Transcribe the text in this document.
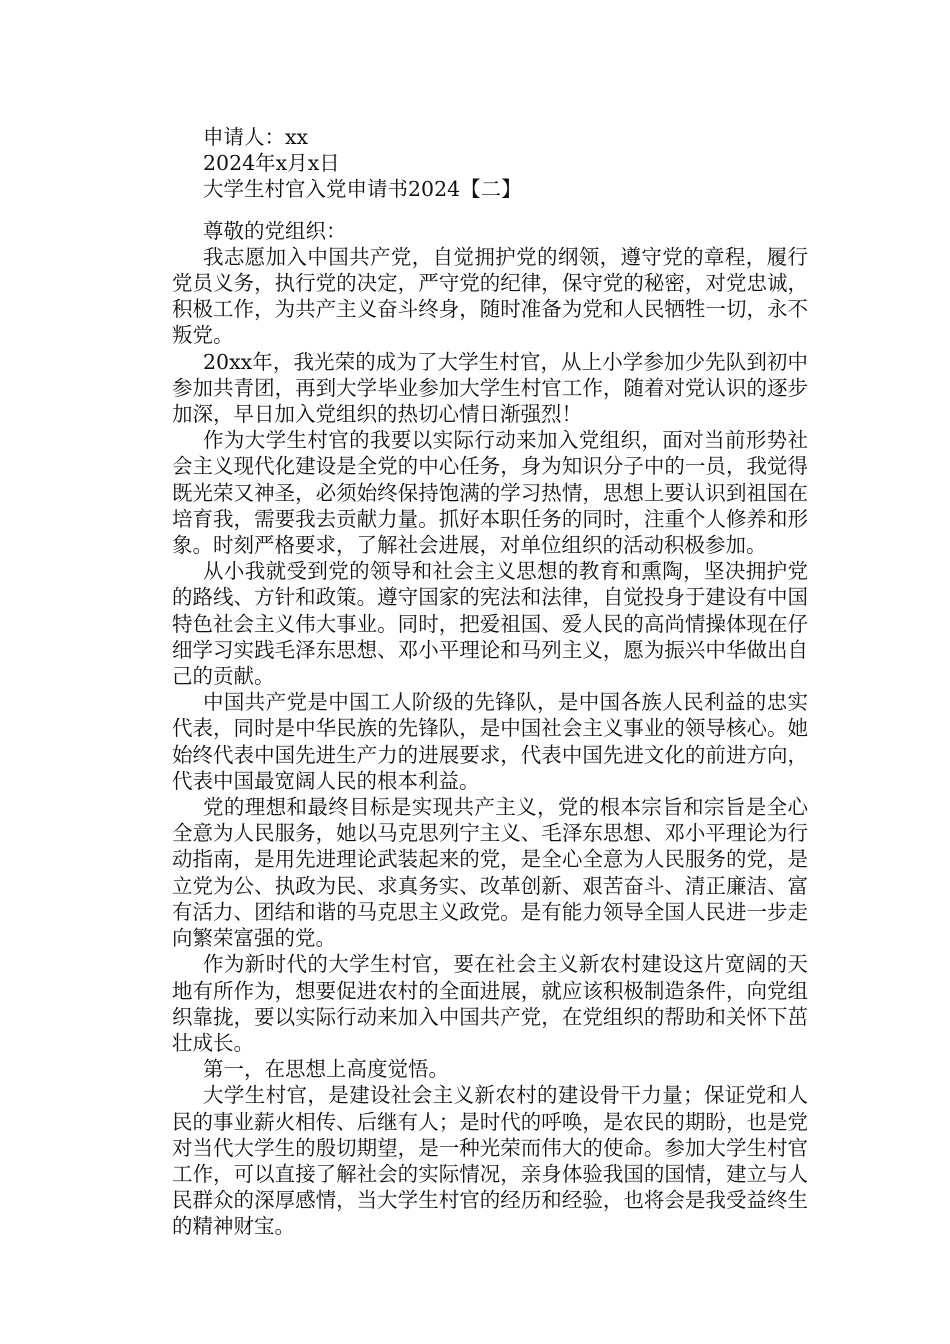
申请人：xx

2024年x月x日

大学生村官入党申请书2024【二】

尊敬的党组织：

我志愿加入中国共产党，自觉拥护党的纲领，遵守党的章程，履行党员义务，执行党的决定，严守党的纪律，保守党的秘密，对党忠诚，积极工作，为共产主义奋斗终身，随时准备为党和人民牺牲一切，永不叛党。

20xx年，我光荣的成为了大学生村官，从上小学参加少先队到初中参加共青团，再到大学毕业参加大学生村官工作，随着对党认识的逐步加深，早日加入党组织的热切心情日渐强烈！

作为大学生村官的我要以实际行动来加入党组织，面对当前形势社会主义现代化建设是全党的中心任务，身为知识分子中的一员，我觉得既光荣又神圣，必须始终保持饱满的学习热情，思想上要认识到祖国在培育我，需要我去贡献力量。抓好本职任务的同时，注重个人修养和形象。时刻严格要求，了解社会进展，对单位组织的活动积极参加。

从小我就受到党的领导和社会主义思想的教育和熏陶，坚决拥护党的路线、方针和政策。遵守国家的宪法和法律，自觉投身于建设有中国特色社会主义伟大事业。同时，把爱祖国、爱人民的高尚情操体现在仔细学习实践毛泽东思想、邓小平理论和马列主义，愿为振兴中华做出自己的贡献。

中国共产党是中国工人阶级的先锋队，是中国各族人民利益的忠实代表，同时是中华民族的先锋队，是中国社会主义事业的领导核心。她始终代表中国先进生产力的进展要求，代表中国先进文化的前进方向，代表中国最宽阔人民的根本利益。

党的理想和最终目标是实现共产主义，党的根本宗旨和宗旨是全心全意为人民服务，她以马克思列宁主义、毛泽东思想、邓小平理论为行动指南，是用先进理论武装起来的党，是全心全意为人民服务的党，是立党为公、执政为民、求真务实、改革创新、艰苦奋斗、清正廉洁、富有活力、团结和谐的马克思主义政党。是有能力领导全国人民进一步走向繁荣富强的党。

作为新时代的大学生村官，要在社会主义新农村建设这片宽阔的天地有所作为，想要促进农村的全面进展，就应该积极制造条件，向党组织靠拢，要以实际行动来加入中国共产党，在党组织的帮助和关怀下茁壮成长。

第一，在思想上高度觉悟。

大学生村官，是建设社会主义新农村的建设骨干力量；保证党和人民的事业薪火相传、后继有人；是时代的呼唤，是农民的期盼，也是党对当代大学生的殷切期望，是一种光荣而伟大的使命。参加大学生村官工作，可以直接了解社会的实际情况，亲身体验我国的国情，建立与人民群众的深厚感情，当大学生村官的经历和经验，也将会是我受益终生的精神财宝。
